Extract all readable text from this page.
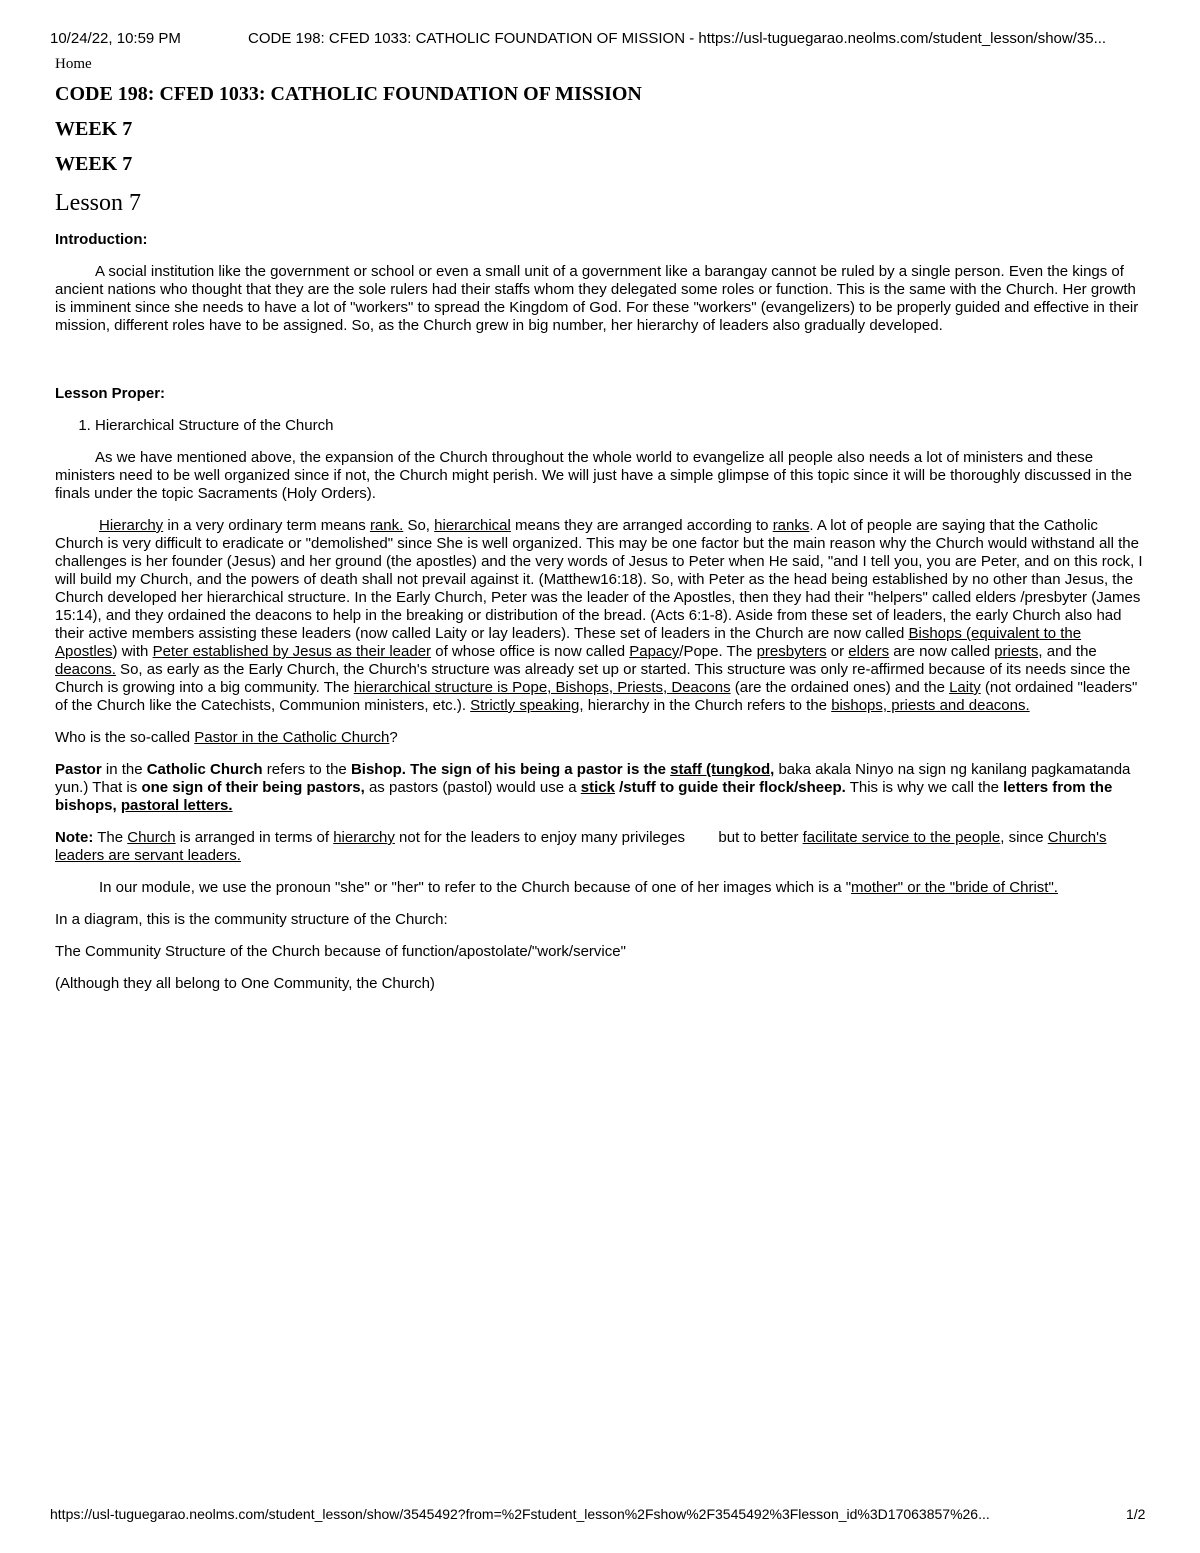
10/24/22, 10:59 PM	CODE 198: CFED 1033: CATHOLIC FOUNDATION OF MISSION - https://usl-tuguegarao.neolms.com/student_lesson/show/35...
Home
CODE 198: CFED 1033: CATHOLIC FOUNDATION OF MISSION
WEEK 7
WEEK 7
Lesson 7

Introduction:

A social institution like the government or school or even a small unit of a government like a barangay cannot be ruled by a single person. Even the kings of ancient nations who thought that they are the sole rulers had their staffs whom they delegated some roles or function. This is the same with the Church. Her growth is imminent since she needs to have a lot of "workers" to spread the Kingdom of God. For these "workers" (evangelizers) to be properly guided and effective in their mission, different roles have to be assigned. So, as the Church grew in big number, her hierarchy of leaders also gradually developed.

Lesson Proper:

1. Hierarchical Structure of the Church

As we have mentioned above, the expansion of the Church throughout the whole world to evangelize all people also needs a lot of ministers and these ministers need to be well organized since if not, the Church might perish. We will just have a simple glimpse of this topic since it will be thoroughly discussed in the finals under the topic Sacraments (Holy Orders).

Hierarchy in a very ordinary term means rank. So, hierarchical means they are arranged according to ranks. A lot of people are saying that the Catholic Church is very difficult to eradicate or "demolished" since She is well organized. This may be one factor but the main reason why the Church would withstand all the challenges is her founder (Jesus) and her ground (the apostles) and the very words of Jesus to Peter when He said, "and I tell you, you are Peter, and on this rock, I will build my Church, and the powers of death shall not prevail against it. (Matthew16:18). So, with Peter as the head being established by no other than Jesus, the Church developed her hierarchical structure. In the Early Church, Peter was the leader of the Apostles, then they had their "helpers" called elders /presbyter (James 15:14), and they ordained the deacons to help in the breaking or distribution of the bread. (Acts 6:1-8). Aside from these set of leaders, the early Church also had their active members assisting these leaders (now called Laity or lay leaders). These set of leaders in the Church are now called Bishops (equivalent to the Apostles) with Peter established by Jesus as their leader of whose office is now called Papacy/Pope. The presbyters or elders are now called priests, and the deacons. So, as early as the Early Church, the Church's structure was already set up or started. This structure was only re-affirmed because of its needs since the Church is growing into a big community. The hierarchical structure is Pope, Bishops, Priests, Deacons (are the ordained ones) and the Laity (not ordained "leaders" of the Church like the Catechists, Communion ministers, etc.). Strictly speaking, hierarchy in the Church refers to the bishops, priests and deacons.

Who is the so-called Pastor in the Catholic Church?

Pastor in the Catholic Church refers to the Bishop. The sign of his being a pastor is the staff (tungkod, baka akala Ninyo na sign ng kanilang pagkamatanda yun.) That is one sign of their being pastors, as pastors (pastol) would use a stick /stuff to guide their flock/sheep. This is why we call the letters from the bishops, pastoral letters.

Note: The Church is arranged in terms of hierarchy not for the leaders to enjoy many privileges        but to better facilitate service to the people, since Church's leaders are servant leaders.

In our module, we use the pronoun "she" or "her" to refer to the Church because of one of her images which is a "mother" or the "bride of Christ".

In a diagram, this is the community structure of the Church:

The Community Structure of the Church because of function/apostolate/"work/service"

(Although they all belong to One Community, the Church)

https://usl-tuguegarao.neolms.com/student_lesson/show/3545492?from=%2Fstudent_lesson%2Fshow%2F3545492%3Flesson_id%3D17063857%26...	1/2
